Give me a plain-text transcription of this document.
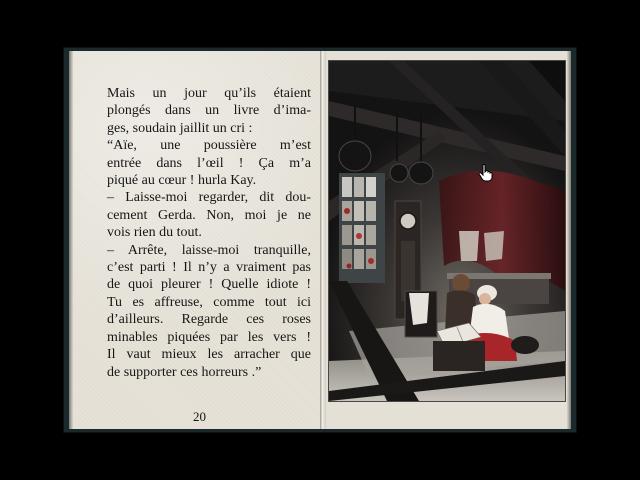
Mais un jour qu’ils étaient
plongés dans un livre d’ima-
ges, soudain jaillit un cri :
“Aïe, une poussière m’est
entrée dans l’œil ! Ça m’a
piqué au cœur ! hurla Kay.
– Laisse-moi regarder, dit dou-
cement Gerda. Non, moi je ne
vois rien du tout.
– Arrête, laisse-moi tranquille,
c’est parti ! Il n’y a vraiment pas
de quoi pleurer ! Quelle idiote !
Tu es affreuse, comme tout ici
d’ailleurs. Regarde ces roses
minables piquées par les vers !
Il vaut mieux les arracher que
de supporter ces horreurs .”
20
